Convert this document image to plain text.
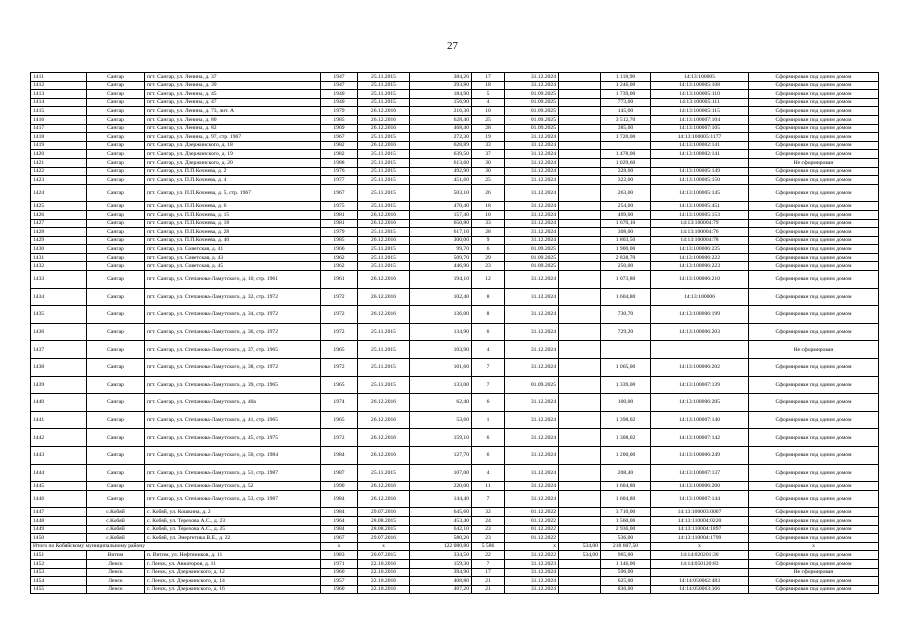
27
1411	Сангар	пгт. Сангар, ул. Ленина, д. 37	1947	25.11.2015	384,20	17	31.12.2024		1 118,90	14:13:100005	Сформирован под одним домом
1412	Сангар	пгт. Сангар, ул. Ленина, д. 39	1947	25.11.2015	293,80	18	31.12.2024		1 246,00	14:13:100005:108	Сформирован под одним домом
1413	Сангар	пгт. Сангар, ул. Ленина, д. 45	1940	25.11.2015	184,90	5	01.09.2025		1 739,00	14:13:100005:110	Сформирован под одним домом
1414	Сангар	пгт. Сангар, ул. Ленина, д. 47	1940	25.11.2015	156,90	4	01.09.2025		773,00	14:13:100005:111	Сформирован под одним домом
1415	Сангар	пгт. Сангар, ул. Ленина, д. 73, лит. А	1979	26.12.2016	216,30	10	01.09.2025		145,00	14:13:100005:115	Сформирован под одним домом
1416	Сангар	пгт. Сангар, ул. Ленина, д. 80	1985	26.12.2016	628,40	25	01.09.2025		3 512,70	14:13:100007:104	Сформирован под одним домом
1417	Сангар	пгт. Сангар, ул. Ленина, д. 82	1969	26.12.2016	468,40	28	01.09.2025		385,00	14:13:100007:105	Сформирован под одним домом
1418	Сангар	пгт. Сангар, ул. Ленина, д. 97, стр. 1967	1967	25.11.2015	272,30	19	31.12.2024		1 720,00	14:13:100005:1177	Сформирован под одним домом
1419	Сангар	пгт. Сангар, ул. Дзержинского, д. 18	1982	26.12.2016	628,89	33	31.12.2024			14:13:100002:141	Сформирован под одним домом
1420	Сангар	пгт. Сангар, ул. Дзержинского, д. 19	1982	25.11.2015	639,50	37	31.12.2024		1 478,00	14:13:100002:141	Сформирован под одним домом
1421	Сангар	пгт. Сангар, ул. Дзержинского, д. 20	1988	25.11.2015	613,60	30	31.12.2024		1 029,60		Не сформирован
1422	Сангар	пгт. Сангар, ул. П.П.Кочнева, д. 2	1976	25.11.2015	492,90	30	31.12.2024		328,00	14:13:100005:149	Сформирован под одним домом
1423	Сангар	пгт. Сангар, ул. П.П.Кочнева, д. 4	1977	25.11.2015	451,60	25	31.12.2024		322,00	14:13:100005:150	Сформирован под одним домом
1424	Сангар	пгт. Сангар, ул. П.П.Кочнева, д. 5, стр. 1967	1967	25.11.2015	503,10	26	31.12.2024		263,00	14:13:100005:145	Сформирован под одним домом
1425	Сангар	пгт. Сангар, ул. П.П.Кочнева, д. 6	1975	25.11.2015	470,40	18	31.12.2024		254,00	14:13:100005:451	Сформирован под одним домом
1426	Сангар	пгт. Сангар, ул. П.П.Кочнева, д. 15	1981	26.12.2016	157,40	10	31.12.2024		469,00	14:13:100005:153	Сформирован под одним домом
1427	Сангар	пгт. Сангар, ул. П.П.Кочнева, д. 18	1981	26.12.2016	650,80	33	31.12.2024		1 670,10	14:13:100004:79	Сформирован под одним домом
1428	Сангар	пгт. Сангар, ул. П.П.Кочнева, д. 28	1979	25.11.2015	617,10	28	31.12.2024		308,00	14:13:100004:76	Сформирован под одним домом
1429	Сангар	пгт. Сангар, ул. П.П.Кочнева, д. 40	1985	26.12.2016	300,00	9	31.12.2024		1 803,50	14:13:100004:78	Сформирован под одним домом
1430	Сангар	пгт. Сангар, ул. Советская, д. 41	1966	25.11.2015	99,70	6	01.09.2025		1 900,00	14:13:100006:225	Сформирован под одним домом
1431	Сангар	пгт. Сангар, ул. Советская, д. 43	1962	25.11.2015	509,70	29	01.09.2025		2 838,70	14:13:100006:222	Сформирован под одним домом
1432	Сангар	пгт. Сангар, ул. Советская, д. 45	1962	25.11.2015	446,90	23	01.09.2025		250,00	14:13:100006:223	Сформирован под одним домом
1433	Сангар	пгт. Сангар, ул. Степанова-Ламутского, д. 10, стр. 1961	1961	26.12.2016	194,10	12	31.12.2024		1 073,80	14:13:100006:210	Сформирован под одним домом
1434	Сангар	пгт. Сангар, ул. Степанова-Ламутского, д. 32, стр. 1972	1972	26.12.2016	102,40	8	31.12.2024		1 604,80	14:13:100006	Сформирован под одним домом
1435	Сангар	пгт. Сангар, ул. Степанова-Ламутского, д. 34, стр. 1972	1972	26.12.2016	136,00	8	31.12.2024		730,70	14:13:100006:199	Сформирован под одним домом
1436	Сангар	пгт. Сангар, ул. Степанова-Ламутского, д. 36, стр. 1972	1972	25.11.2015	134,90	6	31.12.2024		729,20	14:13:100006:203	Сформирован под одним домом
1437	Сангар	пгт. Сангар, ул. Степанова-Ламутского, д. 37, стр. 1965	1965	25.11.2015	103,90	4	31.12.2024				Не сформирован
1438	Сангар	пгт. Сангар, ул. Степанова-Ламутского, д. 38, стр. 1972	1972	25.11.2015	101,60	7	31.12.2024		1 065,00	14:13:100006:202	Сформирован под одним домом
1439	Сангар	пгт. Сангар, ул. Степанова-Ламутского, д. 39, стр. 1965	1965	25.11.2015	133,00	7	01.09.2025		1 339,00	14:13:100007:139	Сформирован под одним домом
1440	Сангар	пгт. Сангар, ул. Степанова-Ламутского, д. 40а	1974	26.12.2016	62,40	6	31.12.2024		100,00	14:13:100006:205	Сформирован под одним домом
1441	Сангар	пгт. Сангар, ул. Степанова-Ламутского, д. 41, стр. 1965	1965	26.12.2016	53,60	1	31.12.2024		1 398,02	14:13:100007:140	Сформирован под одним домом
1442	Сангар	пгт. Сангар, ул. Степанова-Ламутского, д. 45, стр. 1975	1972	26.12.2016	159,10	6	31.12.2024		1 308,02	14:13:100007:142	Сформирован под одним домом
1443	Сангар	пгт. Сангар, ул. Степанова-Ламутского, д. 50, стр. 1984	1984	26.12.2016	127,70	6	31.12.2024		1 200,00	14:13:100006:249	Сформирован под одним домом
1444	Сангар	пгт. Сангар, ул. Степанова-Ламутского, д. 51, стр. 1987	1987	25.11.2015	107,00	4	31.12.2024		208,40	14:13:100007:137	Сформирован под одним домом
1445	Сангар	пгт. Сангар, ул. Степанова-Ламутского, д. 52	1990	26.12.2016	220,00	11	31.12.2024		1 604,80	14:13:100006:200	Сформирован под одним домом
1446	Сангар	пгт. Сангар, ул. Степанова-Ламутского, д. 53, стр. 1987	1984	26.12.2016	144,40	7	31.12.2024		1 604,80	14:13:100007:144	Сформирован под одним домом
1447	с.Кобяй	с. Кобяй, ул. Кошкина, д. 2	1984	29.07.2016	645,60	32	01.12.2022		3 710,00	14:13:100003:0007	Сформирован под одним домом
1448	с.Кобяй	с. Кобяй, ул. Терехова А.С., д. 23	1964	28.08.2015	453,40	24	01.12.2022		1 560,00	14:13:110004:0220	Сформирован под одним домом
1449	с.Кобяй	с. Кобяй, ул. Терехова А.С., д. 25	1984	28.08.2015	642,10	23	01.12.2022		2 936,00	14:13:110004:1897	Сформирован под одним домом
1450	с.Кобяй	с. Кобяй, ул. Энергетика В.Е., д. 22	1967	29.07.2016	580,20	23	01.12.2022		536,00	14:13:110004:1799	Сформирован под одним домом
Итого по Кобяйскому муниципальному району			x	x	122 080,80	5 586	x	534,00	218 607,50	x	x
1451	Витим	п. Витим, ул. Нефтяников, д. 11	1983	20.07.2015	334,50	22	31.12.2022	534,00	965,00	14:14:020201:30	Сформирован под одним домом
1452	Ленск	г. Ленск, ул. Авиаторов, д. 11	1971	22.10.2016	159,30	7	31.12.2023		1 146,00	14:14:050120:83	Сформирован под одним домом
1453	Ленск	г. Ленск, ул. Дзержинского, д. 12	1960	22.10.2016	394,90	17	31.12.2024		596,00		Не сформирован
1454	Ленск	г. Ленск, ул. Дзержинского, д. 14	1957	22.10.2016	408,80	21	31.12.2024		625,00	14:14:050062:483	Сформирован под одним домом
1455	Ленск	г. Ленск, ул. Дзержинского, д. 16	1960	22.10.2016	407,20	21	31.12.2024		836,00	14:14:050063:366	Сформирован под одним домом
